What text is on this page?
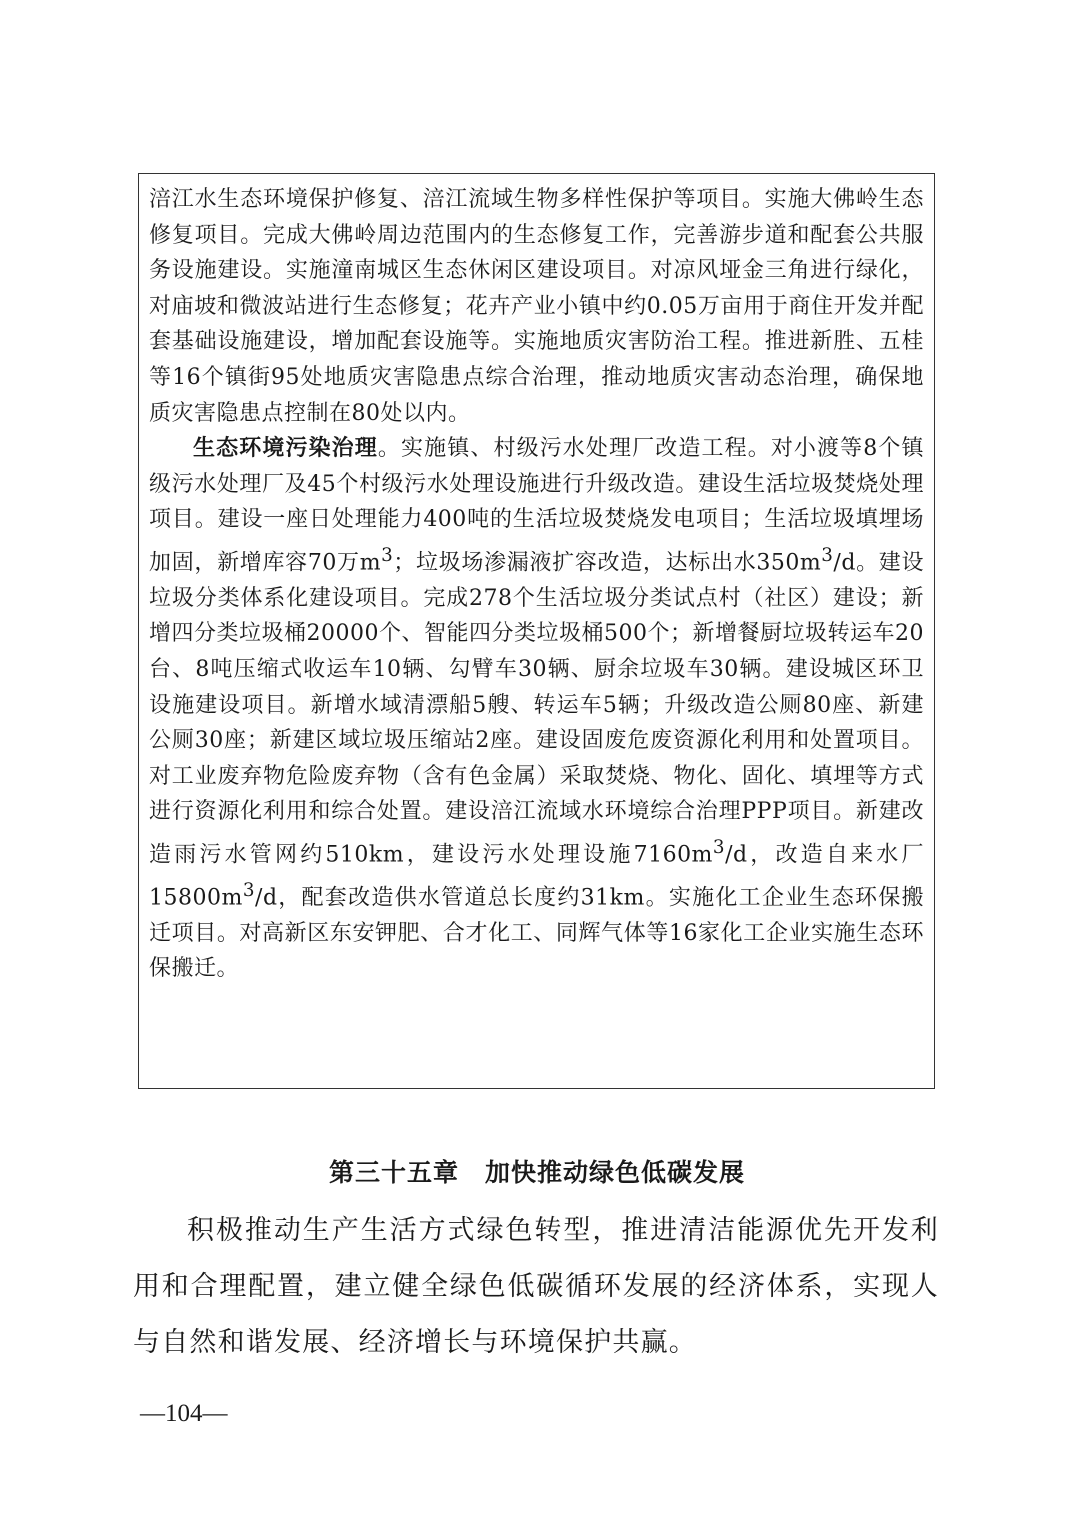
涪江水生态环境保护修复、涪江流域生物多样性保护等项目。实施大佛岭生态修复项目。完成大佛岭周边范围内的生态修复工作，完善游步道和配套公共服务设施建设。实施潼南城区生态休闲区建设项目。对凉风垭金三角进行绿化，对庙坡和微波站进行生态修复；花卉产业小镇中约0.05万亩用于商住开发并配套基础设施建设，增加配套设施等。实施地质灾害防治工程。推进新胜、五桂等16个镇街95处地质灾害隐患点综合治理，推动地质灾害动态治理，确保地质灾害隐患点控制在80处以内。

生态环境污染治理。实施镇、村级污水处理厂改造工程。对小渡等8个镇级污水处理厂及45个村级污水处理设施进行升级改造。建设生活垃圾焚烧处理项目。建设一座日处理能力400吨的生活垃圾焚烧发电项目；生活垃圾填埋场加固，新增库容70万$m^3$；垃圾场渗漏液扩容改造，达标出水$350m^3/d$。建设垃圾分类体系化建设项目。完成278个生活垃圾分类试点村（社区）建设；新增四分类垃圾桶20000个、智能四分类垃圾桶500个；新增餐厨垃圾转运车20台、8吨压缩式收运车10辆、勾臂车30辆、厨余垃圾车30辆。建设城区环卫设施建设项目。新增水域清漂船5艘、转运车5辆；升级改造公厕80座、新建公厕30座；新建区域垃圾压缩站2座。建设固废危废资源化利用和处置项目。对工业废弃物危险废弃物（含有色金属）采取焚烧、物化、固化、填埋等方式进行资源化利用和综合处置。建设涪江流域水环境综合治理PPP项目。新建改造雨污水管网约510km，建设污水处理设施$7160m^3/d$，改造自来水厂$15800m^3/d$，配套改造供水管道总长度约31km。实施化工企业生态环保搬迁项目。对高新区东安钾肥、合才化工、同辉气体等16家化工企业实施生态环保搬迁。

第三十五章　加快推动绿色低碳发展

积极推动生产生活方式绿色转型，推进清洁能源优先开发利用和合理配置，建立健全绿色低碳循环发展的经济体系，实现人与自然和谐发展、经济增长与环境保护共赢。

—104—
